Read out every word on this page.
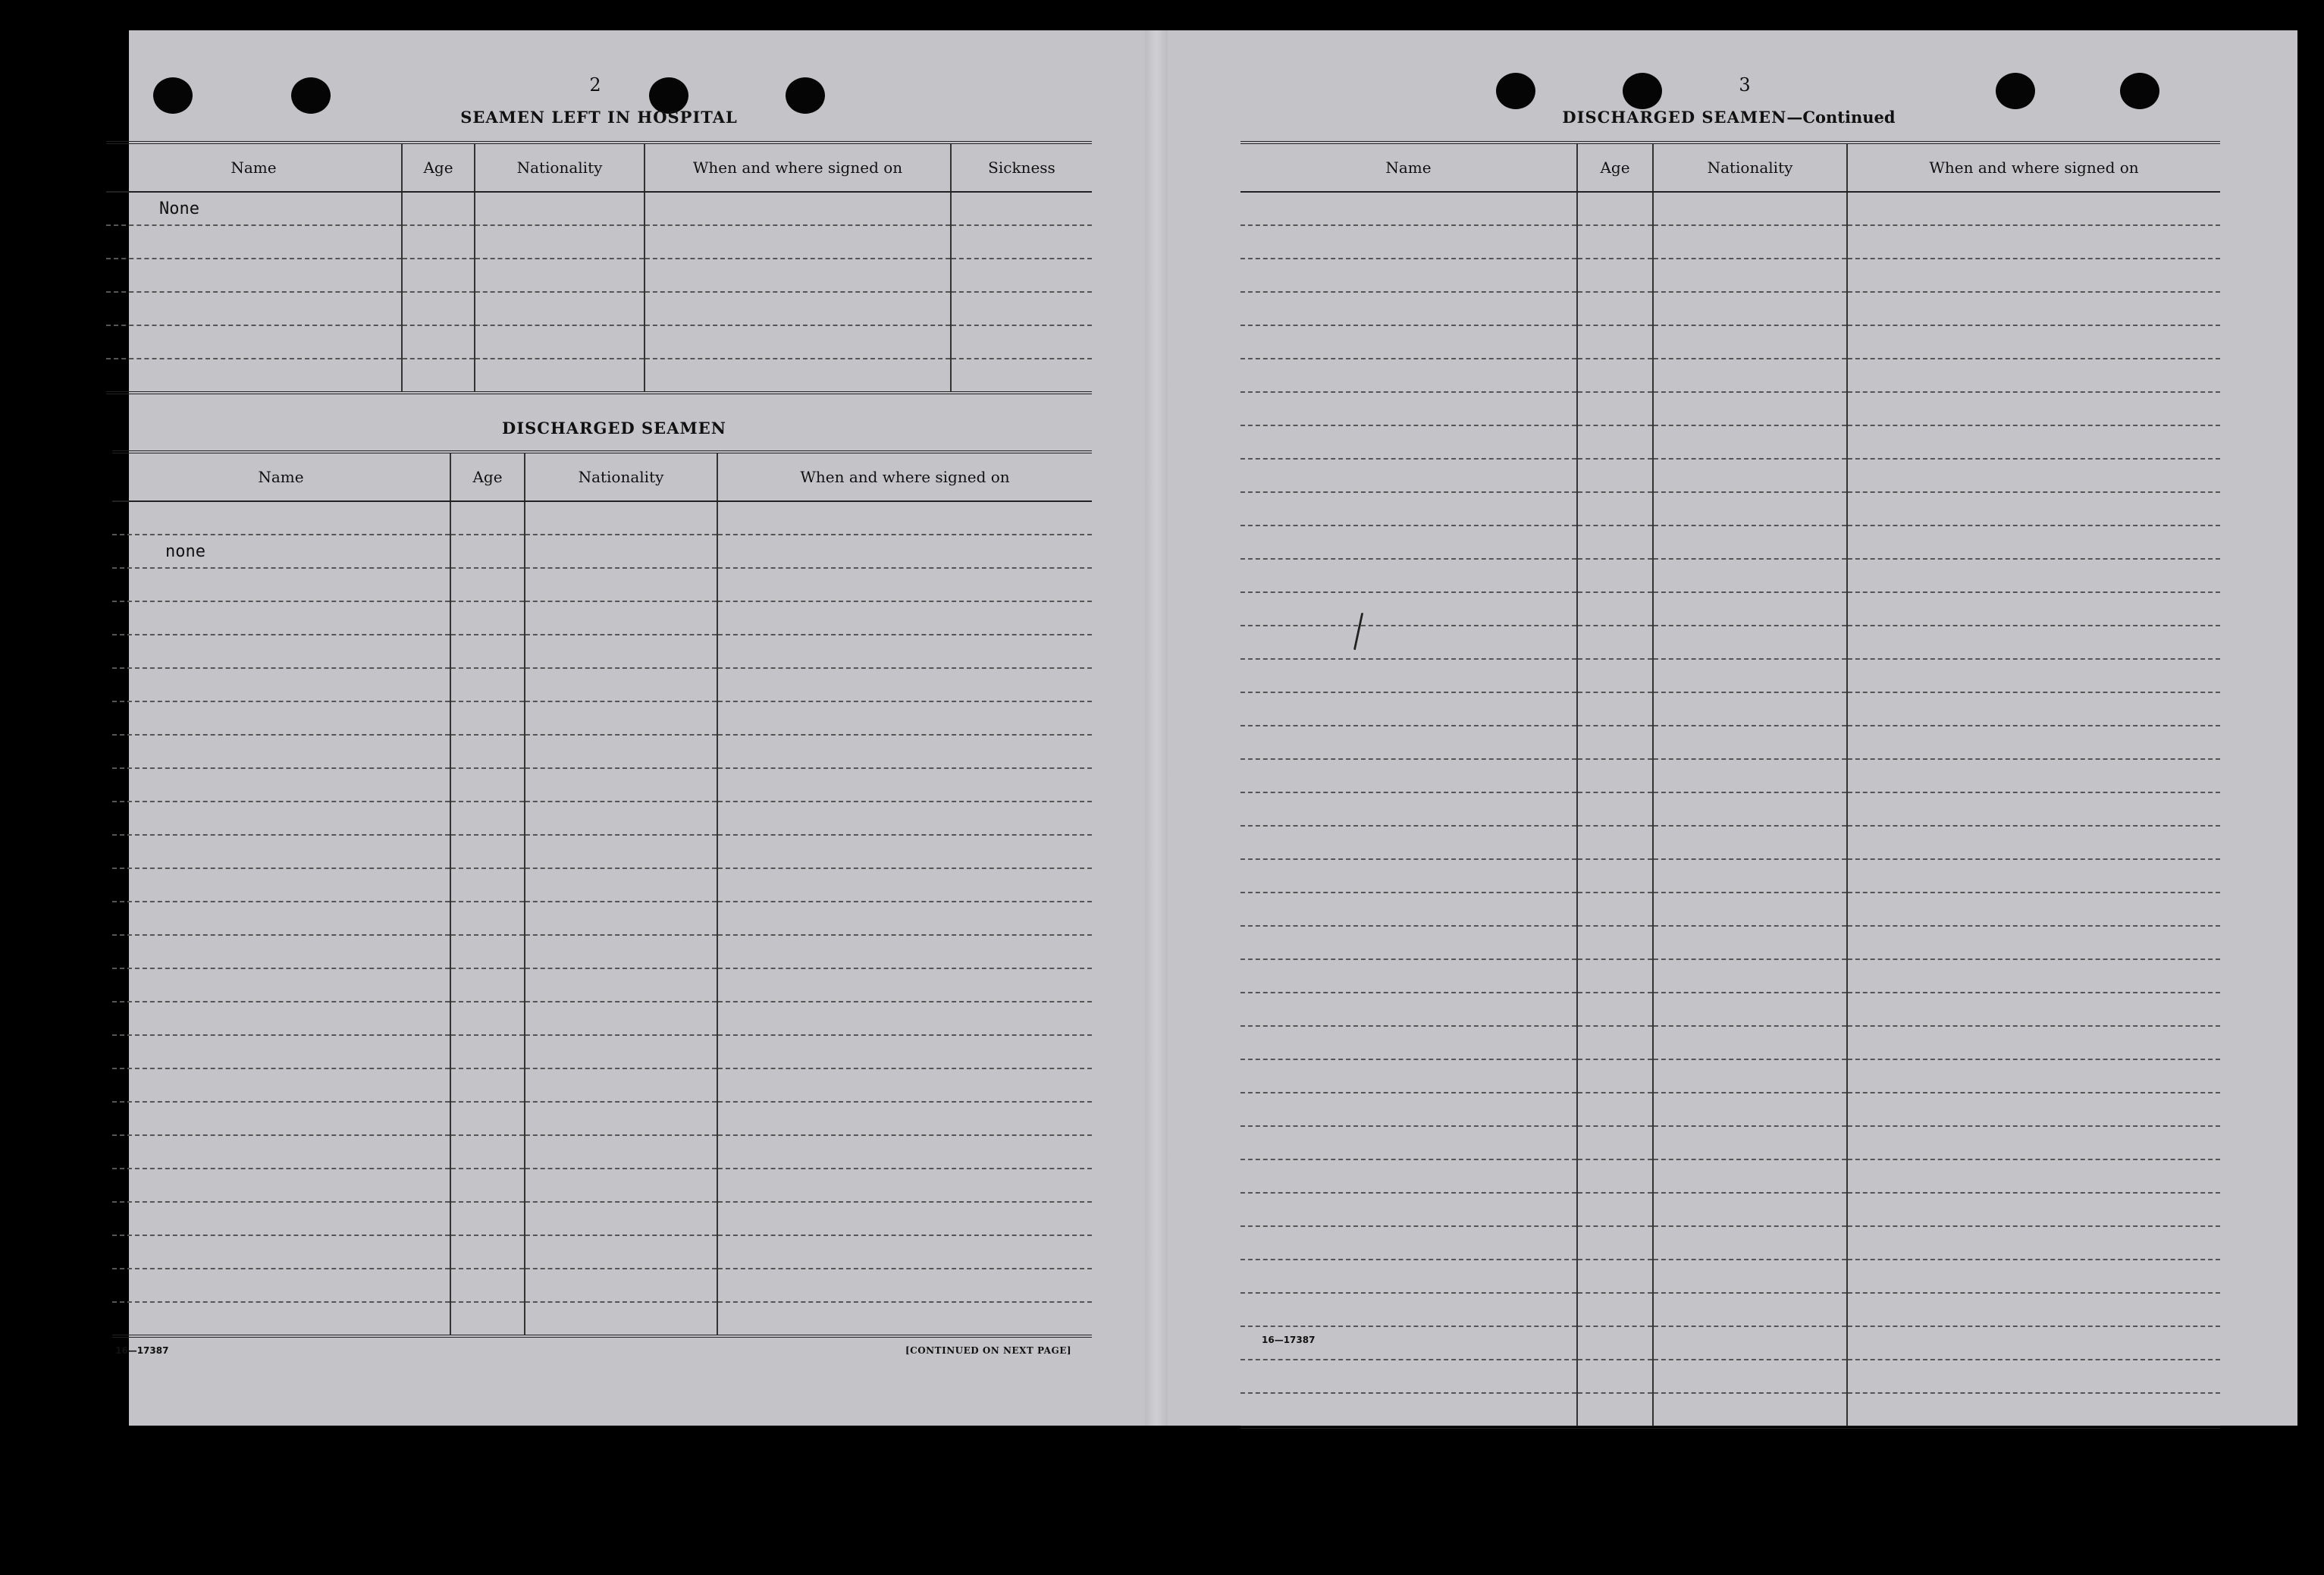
2
SEAMEN LEFT IN HOSPITAL
Name	Age	Nationality	When and where signed on	Sickness
None				

DISCHARGED SEAMEN
Name	Age	Nationality	When and where signed on

none			

16—17387	[CONTINUED ON NEXT PAGE]
3
DISCHARGED SEAMEN—Continued
Name	Age	Nationality	When and where signed on

16—17387
